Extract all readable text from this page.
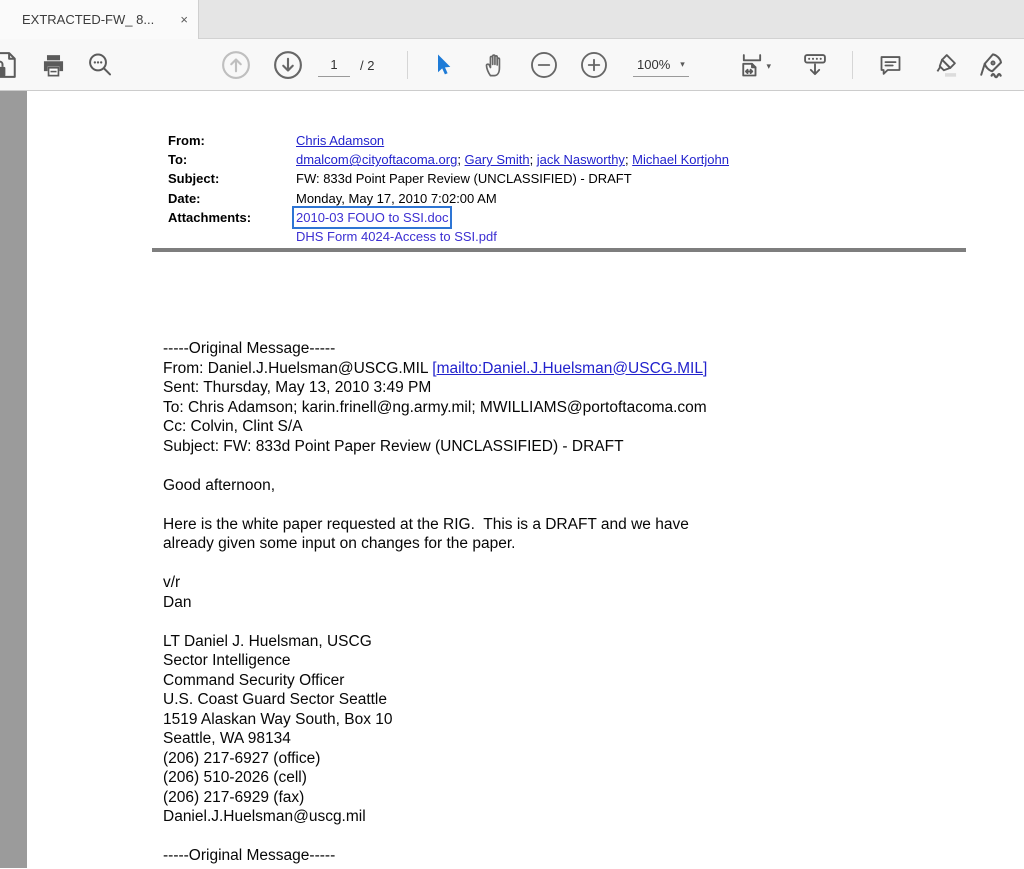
EXTRACTED-FW_ 8...	×
1
/ 2	100% ▾	▾
From:	Chris Adamson
To:	dmalcom@cityoftacoma.org; Gary Smith; jack Nasworthy; Michael Kortjohn
Subject:	FW: 833d Point Paper Review (UNCLASSIFIED) - DRAFT
Date:	Monday, May 17, 2010 7:02:00 AM
Attachments:	2010-03 FOUO to SSI.doc
DHS Form 4024-Access to SSI.pdf
-----Original Message-----
From: Daniel.J.Huelsman@USCG.MIL [mailto:Daniel.J.Huelsman@USCG.MIL]
Sent: Thursday, May 13, 2010 3:49 PM
To: Chris Adamson; karin.frinell@ng.army.mil; MWILLIAMS@portoftacoma.com
Cc: Colvin, Clint S/A
Subject: FW: 833d Point Paper Review (UNCLASSIFIED) - DRAFT
Good afternoon,
Here is the white paper requested at the RIG.  This is a DRAFT and we have
already given some input on changes for the paper.
v/r
Dan
LT Daniel J. Huelsman, USCG
Sector Intelligence
Command Security Officer
U.S. Coast Guard Sector Seattle
1519 Alaskan Way South, Box 10
Seattle, WA 98134
(206) 217-6927 (office)
(206) 510-2026 (cell)
(206) 217-6929 (fax)
Daniel.J.Huelsman@uscg.mil
-----Original Message-----
